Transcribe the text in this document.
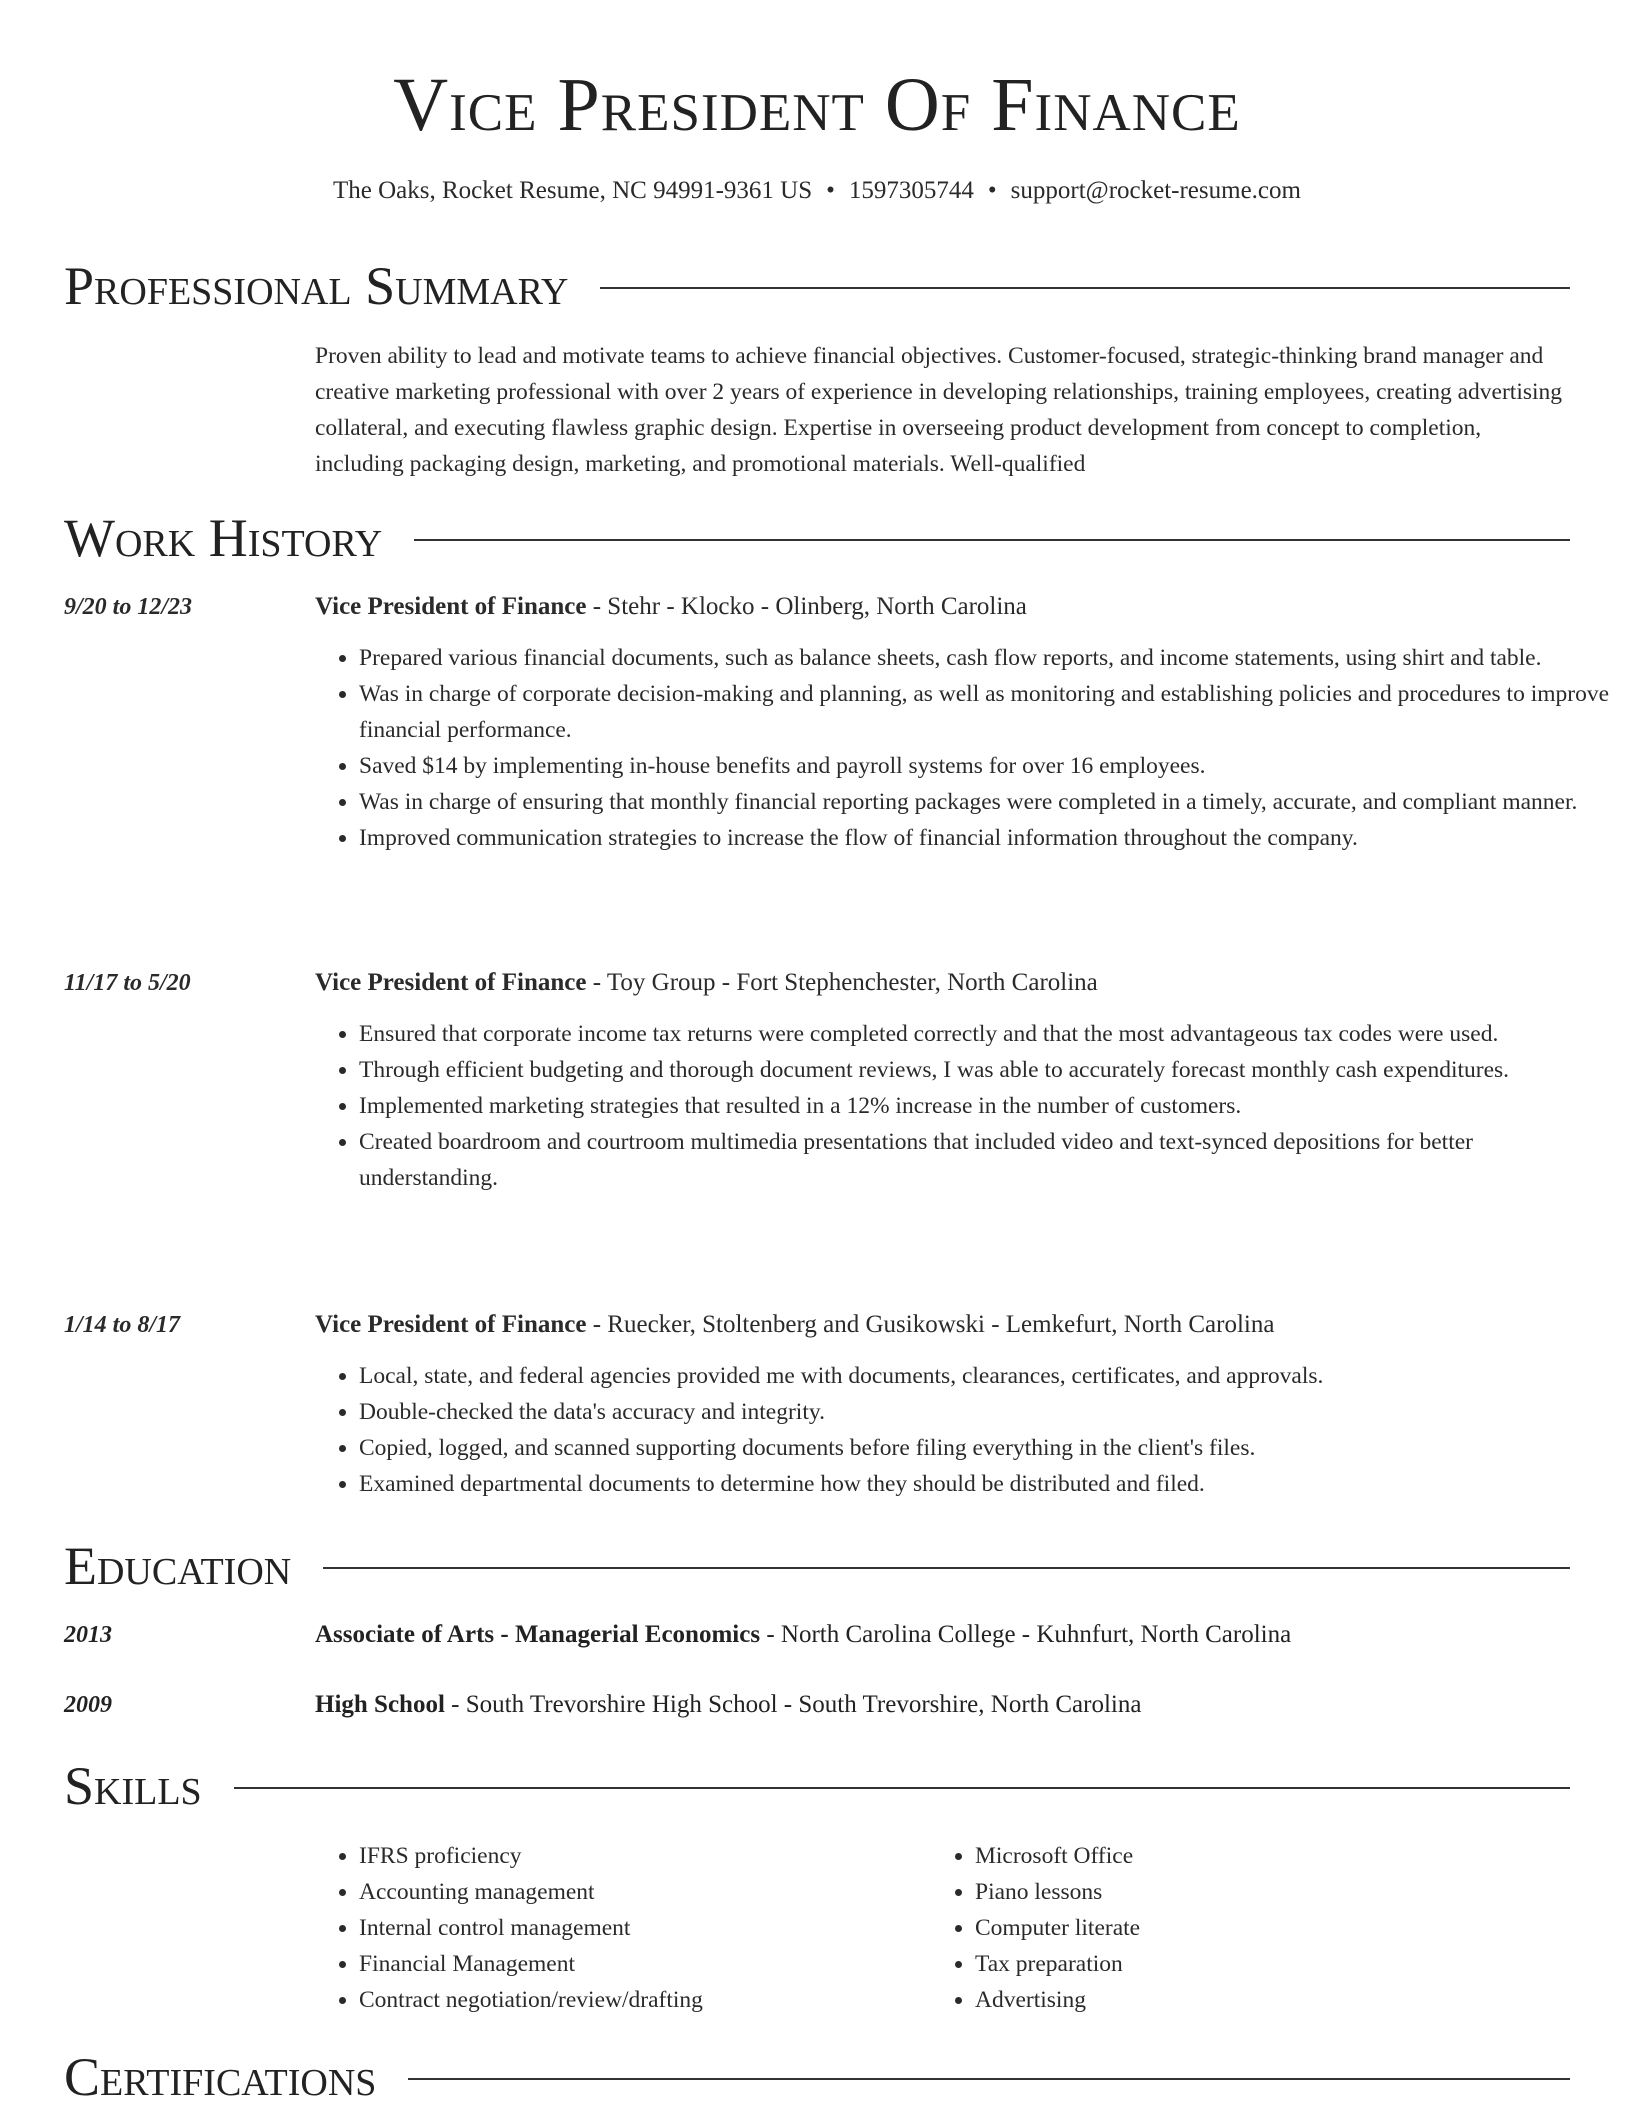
Vice President Of Finance
The Oaks, Rocket Resume, NC 94991-9361 US • 1597305744 • support@rocket-resume.com
Professional Summary
Proven ability to lead and motivate teams to achieve financial objectives. Customer-focused, strategic-thinking brand manager and creative marketing professional with over 2 years of experience in developing relationships, training employees, creating advertising collateral, and executing flawless graphic design. Expertise in overseeing product development from concept to completion, including packaging design, marketing, and promotional materials. Well-qualified
Work History
9/20 to 12/23	Vice President of Finance - Stehr - Klocko - Olinberg, North Carolina
• Prepared various financial documents, such as balance sheets, cash flow reports, and income statements, using shirt and table.
• Was in charge of corporate decision-making and planning, as well as monitoring and establishing policies and procedures to improve financial performance.
• Saved $14 by implementing in-house benefits and payroll systems for over 16 employees.
• Was in charge of ensuring that monthly financial reporting packages were completed in a timely, accurate, and compliant manner.
• Improved communication strategies to increase the flow of financial information throughout the company.
11/17 to 5/20	Vice President of Finance - Toy Group - Fort Stephenchester, North Carolina
• Ensured that corporate income tax returns were completed correctly and that the most advantageous tax codes were used.
• Through efficient budgeting and thorough document reviews, I was able to accurately forecast monthly cash expenditures.
• Implemented marketing strategies that resulted in a 12% increase in the number of customers.
• Created boardroom and courtroom multimedia presentations that included video and text-synced depositions for better understanding.
1/14 to 8/17	Vice President of Finance - Ruecker, Stoltenberg and Gusikowski - Lemkefurt, North Carolina
• Local, state, and federal agencies provided me with documents, clearances, certificates, and approvals.
• Double-checked the data's accuracy and integrity.
• Copied, logged, and scanned supporting documents before filing everything in the client's files.
• Examined departmental documents to determine how they should be distributed and filed.
Education
2013	Associate of Arts - Managerial Economics - North Carolina College - Kuhnfurt, North Carolina
2009	High School - South Trevorshire High School - South Trevorshire, North Carolina
Skills
• IFRS proficiency
• Accounting management
• Internal control management
• Financial Management
• Contract negotiation/review/drafting
• Microsoft Office
• Piano lessons
• Computer literate
• Tax preparation
• Advertising
Certifications
